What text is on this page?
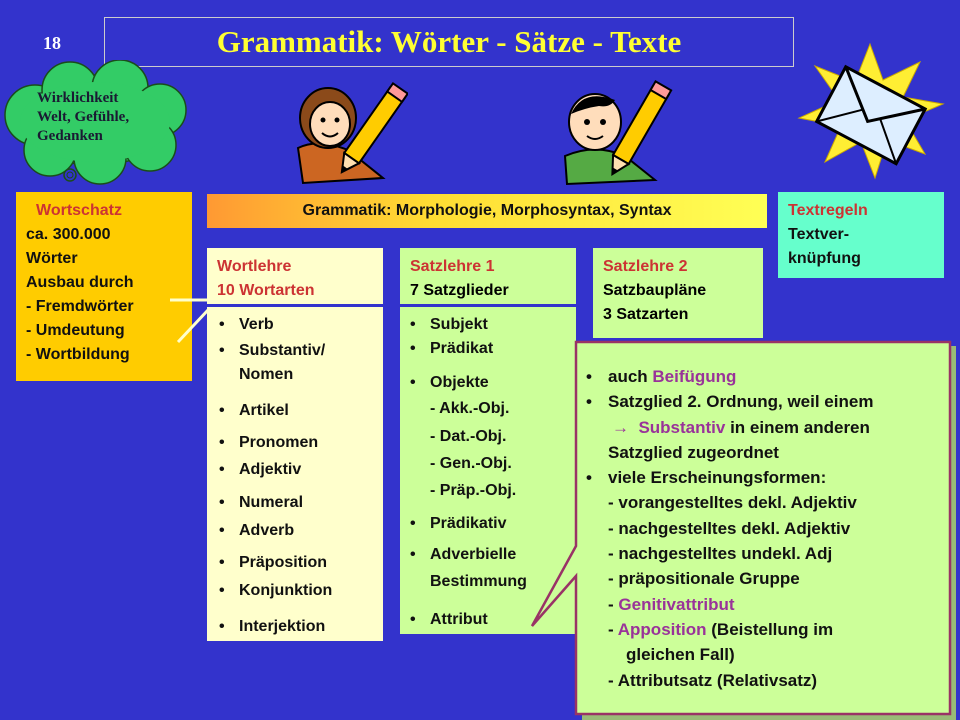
18	Grammatik: Wörter - Sätze - Texte
Wirklichkeit
Welt, Gefühle,
Gedanken
Wortschatz
ca. 300.000
Wörter
Ausbau durch
- Fremdwörter
- Umdeutung
- Wortbildung
Grammatik: Morphologie, Morphosyntax, Syntax	Textregeln
Textver-
knüpfung
Wortlehre
10 Wortarten
Satzlehre 1
7 Satzglieder
Satzlehre 2
Satzbaupläne
3 Satzarten
• Verb
• Substantiv/
Nomen
• Artikel
• Pronomen
• Adjektiv
• Numeral
• Adverb
• Präposition
• Konjunktion
• Interjektion
• Subjekt
• Prädikat
• Objekte
- Akk.-Obj.
- Dat.-Obj.
- Gen.-Obj.
- Präp.-Obj.
• Prädikativ
• Adverbielle
Bestimmung
• Attribut
• auch Beifügung
• Satzglied 2. Ordnung, weil einem
→ Substantiv in einem anderen
Satzglied zugeordnet
• viele Erscheinungsformen:
- vorangestelltes dekl. Adjektiv
- nachgestelltes dekl. Adjektiv
- nachgestelltes undekl. Adj
- präpositionale Gruppe
- Genitivattribut
- Apposition (Beistellung im
gleichen Fall)
- Attributsatz (Relativsatz)
